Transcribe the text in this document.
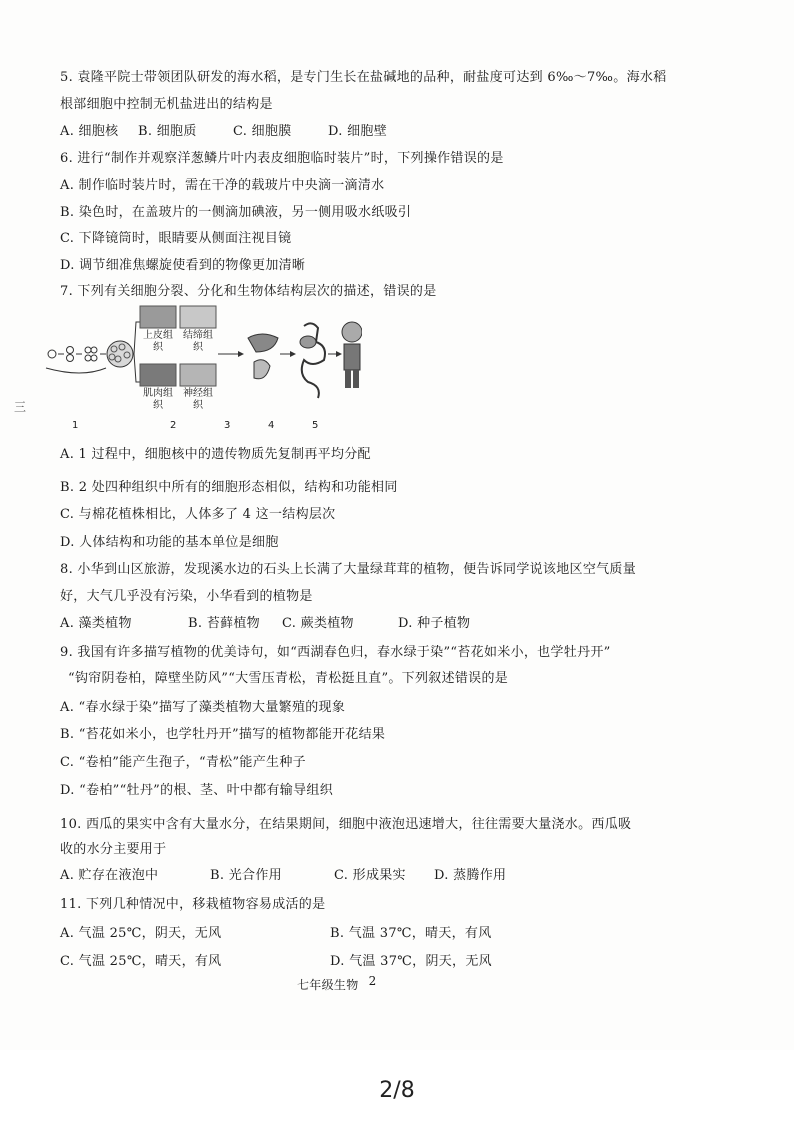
5. 袁隆平院士带领团队研发的海水稻，是专门生长在盐碱地的品种，耐盐度可达到 6‰～7‰。海水稻
根部细胞中控制无机盐进出的结构是
A. 细胞核 B. 细胞质	C. 细胞膜	D. 细胞壁
6. 进行“制作并观察洋葱鳞片叶内表皮细胞临时装片”时，下列操作错误的是
A. 制作临时装片时，需在干净的载玻片中央滴一滴清水
B. 染色时，在盖玻片的一侧滴加碘液，另一侧用吸水纸吸引
C. 下降镜筒时，眼睛要从侧面注视目镜
D. 调节细准焦螺旋使看到的物像更加清晰
7. 下列有关细胞分裂、分化和生物体结构层次的描述，错误的是
上皮组织
结缔组织
肌肉组织
神经组织
1	2	3	4	5
三
A. 1 过程中，细胞核中的遗传物质先复制再平均分配
B. 2 处四种组织中所有的细胞形态相似，结构和功能相同
C. 与棉花植株相比，人体多了 4 这一结构层次
D. 人体结构和功能的基本单位是细胞
8. 小华到山区旅游，发现溪水边的石头上长满了大量绿茸茸的植物，便告诉同学说该地区空气质量
好，大气几乎没有污染，小华看到的植物是
A. 藻类植物	B. 苔藓植物 C. 蕨类植物	D. 种子植物
9. 我国有许多描写植物的优美诗句，如“西湖春色归，春水绿于染”“苔花如米小，也学牡丹开”
“钩帘阴卷柏，障壁坐防风”“大雪压青松，青松挺且直”。下列叙述错误的是
A. “春水绿于染”描写了藻类植物大量繁殖的现象
B. “苔花如米小，也学牡丹开”描写的植物都能开花结果
C. “卷柏”能产生孢子，“青松”能产生种子
D. “卷柏”“牡丹”的根、茎、叶中都有输导组织
10. 西瓜的果实中含有大量水分，在结果期间，细胞中液泡迅速增大，往往需要大量浇水。西瓜吸
收的水分主要用于
A. 贮存在液泡中	B. 光合作用	C. 形成果实 D. 蒸腾作用
11. 下列几种情况中，移栽植物容易成活的是
A. 气温 25℃，阴天，无风	B. 气温 37℃，晴天，有风
C. 气温 25℃，晴天，有风	D. 气温 37℃，阴天，无风
七年级生物 2
2/8
